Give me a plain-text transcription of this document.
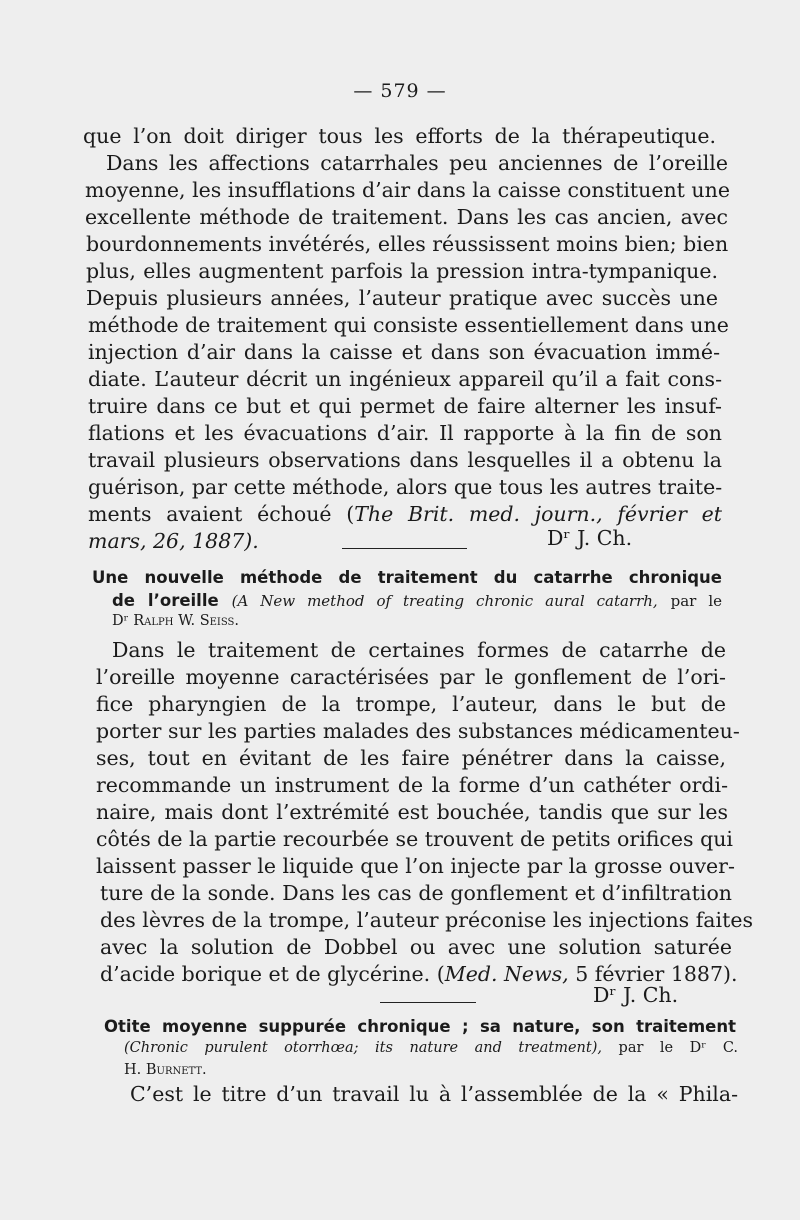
— 579 —
que l’on doit diriger tous les efforts de la thérapeutique.
Dans les affections catarrhales peu anciennes de l’oreille
moyenne, les insufflations d’air dans la caisse constituent une
excellente méthode de traitement. Dans les cas ancien, avec
bourdonnements invétérés, elles réussissent moins bien; bien
plus, elles augmentent parfois la pression intra-tympanique.
Depuis plusieurs années, l’auteur pratique avec succès une
méthode de traitement qui consiste essentiellement dans une
injection d’air dans la caisse et dans son évacuation immé-
diate. L’auteur décrit un ingénieux appareil qu’il a fait cons-
truire dans ce but et qui permet de faire alterner les insuf-
flations et les évacuations d’air. Il rapporte à la fin de son
travail plusieurs observations dans lesquelles il a obtenu la
guérison, par cette méthode, alors que tous les autres traite-
ments avaient échoué (The Brit. med. journ., février et
mars, 26, 1887).	Dʳ J. Ch.
Une nouvelle méthode de traitement du catarrhe chronique
de l’oreille (A New method of treating chronic aural catarrh, par le
Dʳ Ralph W. Seiss.
Dans le traitement de certaines formes de catarrhe de
l’oreille moyenne caractérisées par le gonflement de l’ori-
fice pharyngien de la trompe, l’auteur, dans le but de
porter sur les parties malades des substances médicamenteu-
ses, tout en évitant de les faire pénétrer dans la caisse,
recommande un instrument de la forme d’un cathéter ordi-
naire, mais dont l’extrémité est bouchée, tandis que sur les
côtés de la partie recourbée se trouvent de petits orifices qui
laissent passer le liquide que l’on injecte par la grosse ouver-
ture de la sonde. Dans les cas de gonflement et d’infiltration
des lèvres de la trompe, l’auteur préconise les injections faites
avec la solution de Dobbel ou avec une solution saturée
d’acide borique et de glycérine. (Med. News, 5 février 1887).
Dʳ J. Ch.
Otite moyenne suppurée chronique ; sa nature, son traitement
(Chronic purulent otorrhœa; its nature and treatment), par le Dʳ C.
H. Burnett.
C’est le titre d’un travail lu à l’assemblée de la « Phila-
